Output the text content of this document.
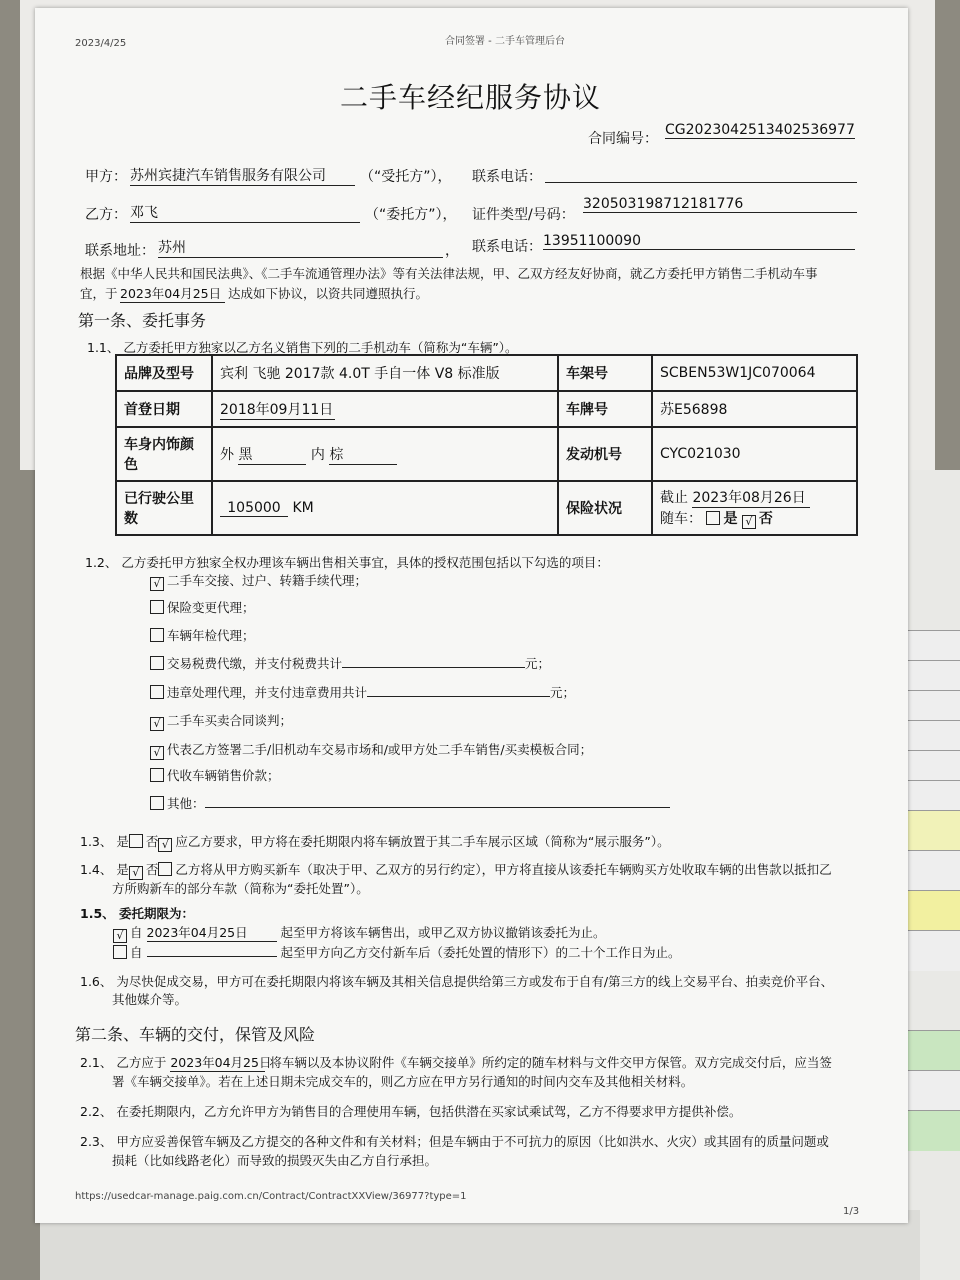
2023/4/25	合同签署 - 二手车管理后台
二手车经纪服务协议
合同编号：
CG2023042513402536977
甲方： 苏州宾捷汽车销售服务有限公司	（“受托方”）， 联系电话：
乙方： 邓飞	（“委托方”）， 证件类型/号码：
320503198712181776
联系地址： 苏州	， 联系电话： 13951100090
根据《中华人民共和国民法典》、《二手车流通管理办法》等有关法律法规，甲、乙双方经友好协商，就乙方委托甲方销售二手机动车事
宜，于 2023年04月25日 达成如下协议，以资共同遵照执行。
第一条、委托事务
1.1、 乙方委托甲方独家以乙方名义销售下列的二手机动车（简称为“车辆”）。
品牌及型号	宾利 飞驰 2017款 4.0T 手自一体 V8 标准版	车架号	SCBEN53W1JC070064
首登日期	2018年09月11日	车牌号	苏E56898
车身内饰颜色	外 黑 内 棕	发动机号	CYC021030
已行驶公里数	105000 KM	保险状况	截止 2023年08月26日
随车： 是 √ 否
1.2、 乙方委托甲方独家全权办理该车辆出售相关事宜，具体的授权范围包括以下勾选的项目：
√ 二手车交接、过户、转籍手续代理；
保险变更代理；
车辆年检代理；
交易税费代缴，并支付税费共计	元；
违章处理代理，并支付违章费用共计	元；
√ 二手车买卖合同谈判；
√ 代表乙方签署二手/旧机动车交易市场和/或甲方处二手车销售/买卖模板合同；
代收车辆销售价款；
其他：
1.3、 是 否 √ 应乙方要求，甲方将在委托期限内将车辆放置于其二手车展示区域（简称为“展示服务”）。
1.4、 是 √ 否 乙方将从甲方购买新车（取决于甲、乙双方的另行约定），甲方将直接从该委托车辆购买方处收取车辆的出售款以抵扣乙
方所购新车的部分车款（简称为“委托处置”）。
1.5、 委托期限为：
√ 自 2023年04月25日	起至甲方将该车辆售出，或甲乙双方协议撤销该委托为止。
自	起至甲方向乙方交付新车后（委托处置的情形下）的二十个工作日为止。
1.6、 为尽快促成交易，甲方可在委托期限内将该车辆及其相关信息提供给第三方或发布于自有/第三方的线上交易平台、拍卖竞价平台、
其他媒介等。
第二条、车辆的交付，保管及风险
2.1、 乙方应于 2023年04月25日 将车辆以及本协议附件《车辆交接单》所约定的随车材料与文件交甲方保管。双方完成交付后，应当签
署《车辆交接单》。若在上述日期未完成交车的，则乙方应在甲方另行通知的时间内交车及其他相关材料。
2.2、 在委托期限内，乙方允许甲方为销售目的合理使用车辆，包括供潜在买家试乘试驾，乙方不得要求甲方提供补偿。
2.3、 甲方应妥善保管车辆及乙方提交的各种文件和有关材料；但是车辆由于不可抗力的原因（比如洪水、火灾）或其固有的质量问题或
损耗（比如线路老化）而导致的损毁灭失由乙方自行承担。
https://usedcar-manage.paig.com.cn/Contract/ContractXXView/36977?type=1
1/3
